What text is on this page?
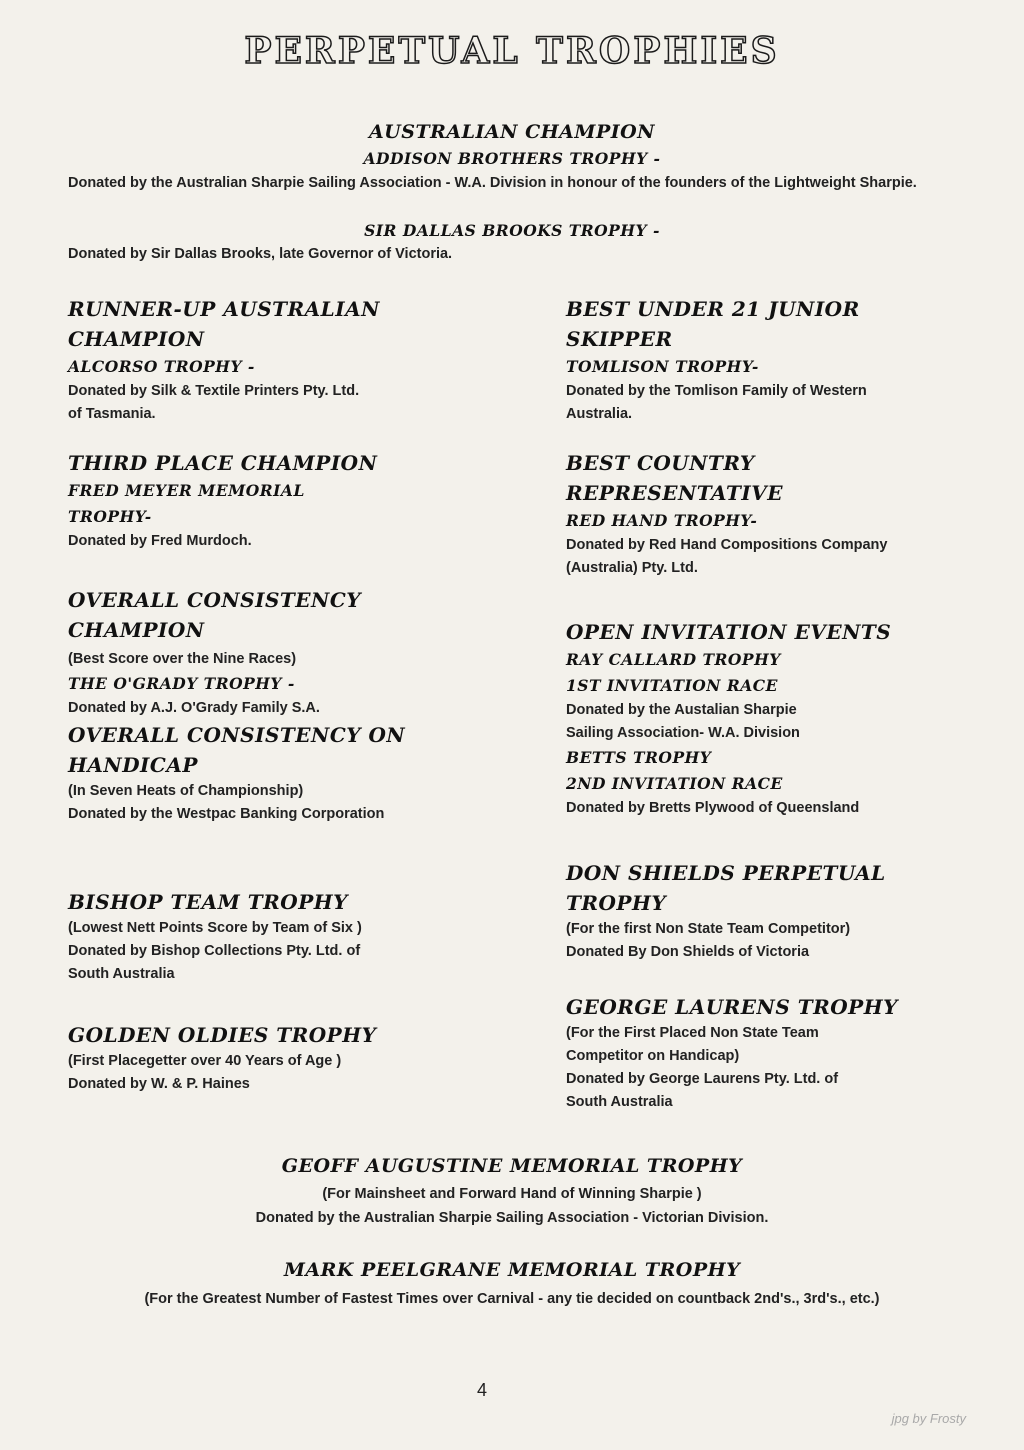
PERPETUAL TROPHIES
AUSTRALIAN CHAMPION
ADDISON BROTHERS TROPHY -
Donated by the Australian Sharpie Sailing Association - W.A. Division in honour of the founders of the Lightweight Sharpie.
SIR DALLAS BROOKS TROPHY -
Donated by Sir Dallas Brooks, late Governor of Victoria.
RUNNER-UP AUSTRALIAN CHAMPION
ALCORSO TROPHY -
Donated by Silk & Textile Printers Pty. Ltd.
of Tasmania.
THIRD PLACE CHAMPION
FRED MEYER MEMORIAL TROPHY-
Donated by Fred Murdoch.
OVERALL CONSISTENCY CHAMPION
(Best Score over the Nine Races)
THE O'GRADY TROPHY -
Donated by A.J. O'Grady Family S.A.
OVERALL CONSISTENCY ON HANDICAP
(In Seven Heats of Championship)
Donated by the Westpac Banking Corporation
BISHOP TEAM TROPHY
(Lowest Nett Points Score by Team of Six )
Donated by Bishop Collections Pty. Ltd. of
South Australia
GOLDEN OLDIES TROPHY
(First Placegetter over 40 Years of Age )
Donated by W. & P. Haines
BEST UNDER 21 JUNIOR SKIPPER
TOMLISON TROPHY-
Donated by the Tomlison Family of Western
Australia.
BEST COUNTRY REPRESENTATIVE
RED HAND TROPHY-
Donated by Red Hand Compositions Company
(Australia) Pty. Ltd.
OPEN INVITATION EVENTS
RAY CALLARD TROPHY
1ST INVITATION RACE
Donated by the Austalian Sharpie
Sailing Association- W.A. Division
BETTS TROPHY
2ND INVITATION RACE
Donated by Bretts Plywood of Queensland
DON SHIELDS PERPETUAL TROPHY
(For the first Non State Team Competitor)
Donated By Don Shields of Victoria
GEORGE LAURENS TROPHY
(For the First Placed Non State Team
Competitor on Handicap)
Donated by George Laurens Pty. Ltd. of
South Australia
GEOFF AUGUSTINE MEMORIAL TROPHY
(For Mainsheet and Forward Hand of Winning Sharpie )
Donated by the Australian Sharpie Sailing Association - Victorian Division.
MARK PEELGRANE MEMORIAL TROPHY
(For the Greatest Number of Fastest Times over Carnival - any tie decided on countback 2nd's., 3rd's., etc.)
4
jpg by Frosty
